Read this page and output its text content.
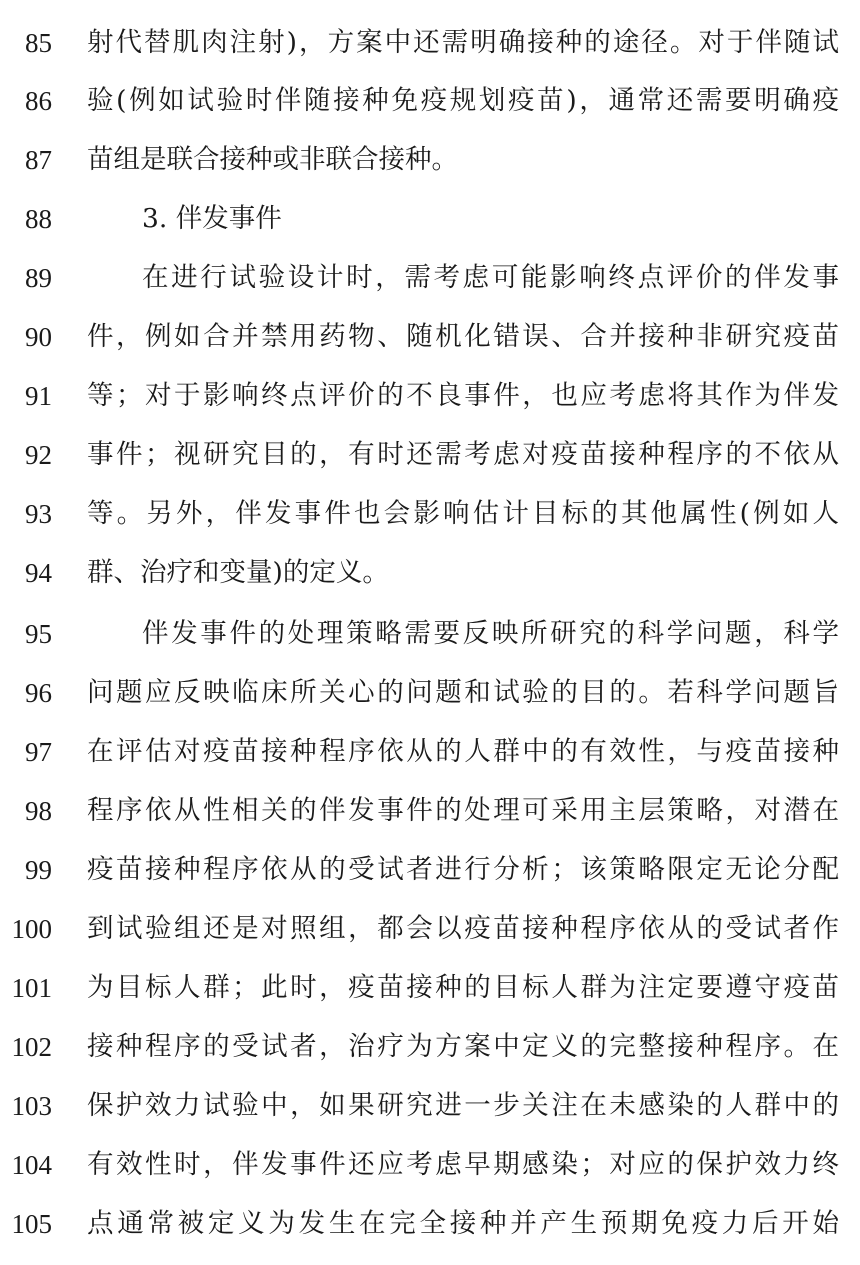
85 射代替肌肉注射)，方案中还需明确接种的途径。对于伴随试
86 验(例如试验时伴随接种免疫规划疫苗)，通常还需要明确疫
87 苗组是联合接种或非联合接种。
88	3. 伴发事件
89	在进行试验设计时，需考虑可能影响终点评价的伴发事
90 件，例如合并禁用药物、随机化错误、合并接种非研究疫苗
91 等；对于影响终点评价的不良事件，也应考虑将其作为伴发
92 事件；视研究目的，有时还需考虑对疫苗接种程序的不依从
93 等。另外，伴发事件也会影响估计目标的其他属性(例如人
94 群、治疗和变量)的定义。
95	伴发事件的处理策略需要反映所研究的科学问题，科学
96 问题应反映临床所关心的问题和试验的目的。若科学问题旨
97 在评估对疫苗接种程序依从的人群中的有效性，与疫苗接种
98 程序依从性相关的伴发事件的处理可采用主层策略，对潜在
99 疫苗接种程序依从的受试者进行分析；该策略限定无论分配
100 到试验组还是对照组，都会以疫苗接种程序依从的受试者作
101 为目标人群；此时，疫苗接种的目标人群为注定要遵守疫苗
102 接种程序的受试者，治疗为方案中定义的完整接种程序。在
103 保护效力试验中，如果研究进一步关注在未感染的人群中的
104 有效性时，伴发事件还应考虑早期感染；对应的保护效力终
105 点通常被定义为发生在完全接种并产生预期免疫力后开始
